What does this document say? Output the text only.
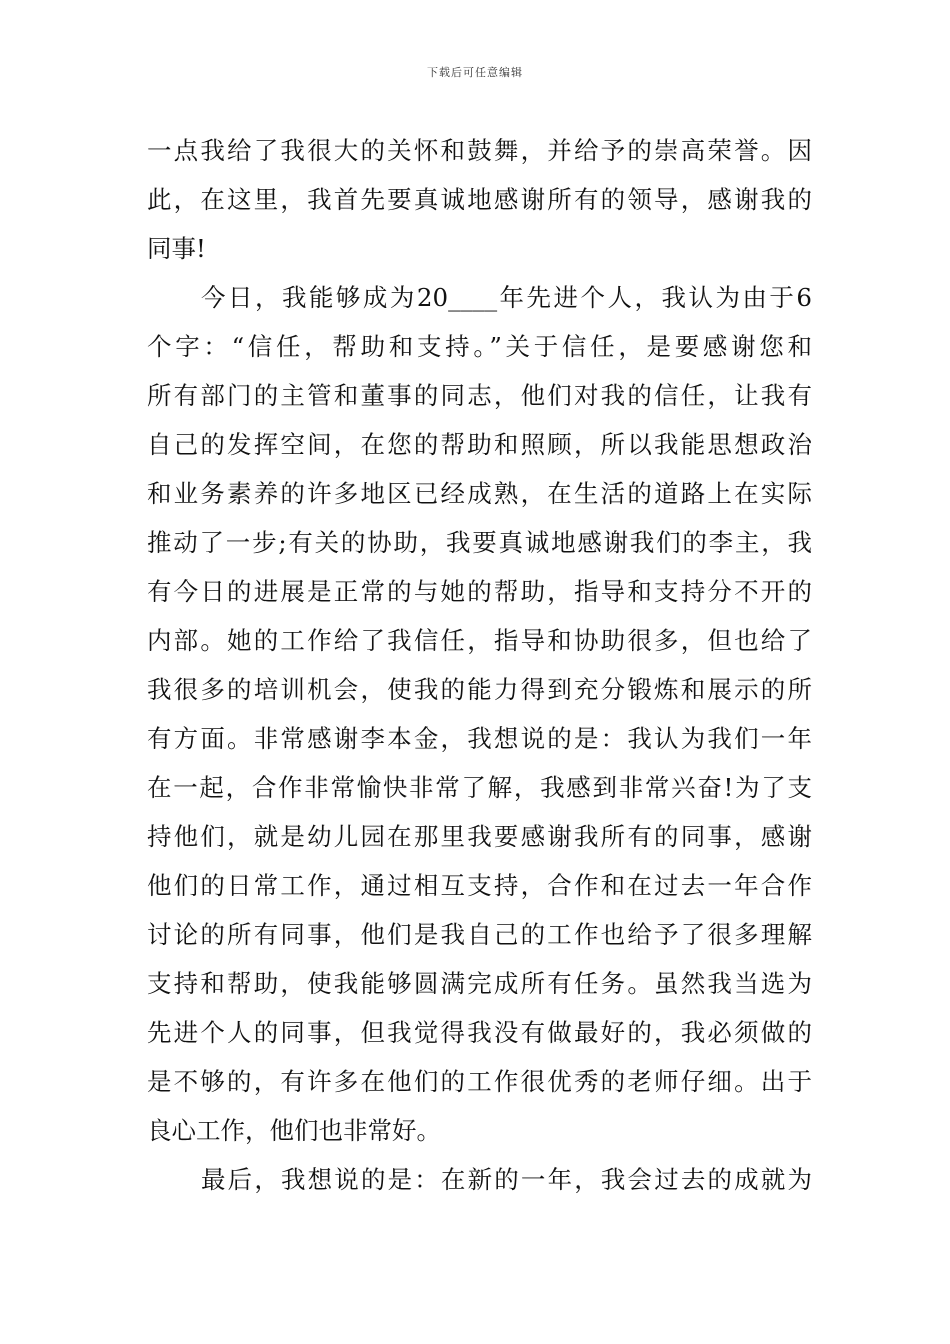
下载后可任意编辑
一点我给了我很大的关怀和鼓舞，并给予的崇高荣誉。因
此，在这里，我首先要真诚地感谢所有的领导，感谢我的
同事!
今日，我能够成为20____年先进个人，我认为由于6
个字：“信任，帮助和支持。”关于信任，是要感谢您和
所有部门的主管和董事的同志，他们对我的信任，让我有
自己的发挥空间，在您的帮助和照顾，所以我能思想政治
和业务素养的许多地区已经成熟，在生活的道路上在实际
推动了一步;有关的协助，我要真诚地感谢我们的李主，我
有今日的进展是正常的与她的帮助，指导和支持分不开的
内部。她的工作给了我信任，指导和协助很多，但也给了
我很多的培训机会，使我的能力得到充分锻炼和展示的所
有方面。非常感谢李本金，我想说的是：我认为我们一年
在一起，合作非常愉快非常了解，我感到非常兴奋!为了支
持他们，就是幼儿园在那里我要感谢我所有的同事，感谢
他们的日常工作，通过相互支持，合作和在过去一年合作
讨论的所有同事，他们是我自己的工作也给予了很多理解
支持和帮助，使我能够圆满完成所有任务。虽然我当选为
先进个人的同事，但我觉得我没有做最好的，我必须做的
是不够的，有许多在他们的工作很优秀的老师仔细。出于
良心工作，他们也非常好。
最后，我想说的是：在新的一年，我会过去的成就为
